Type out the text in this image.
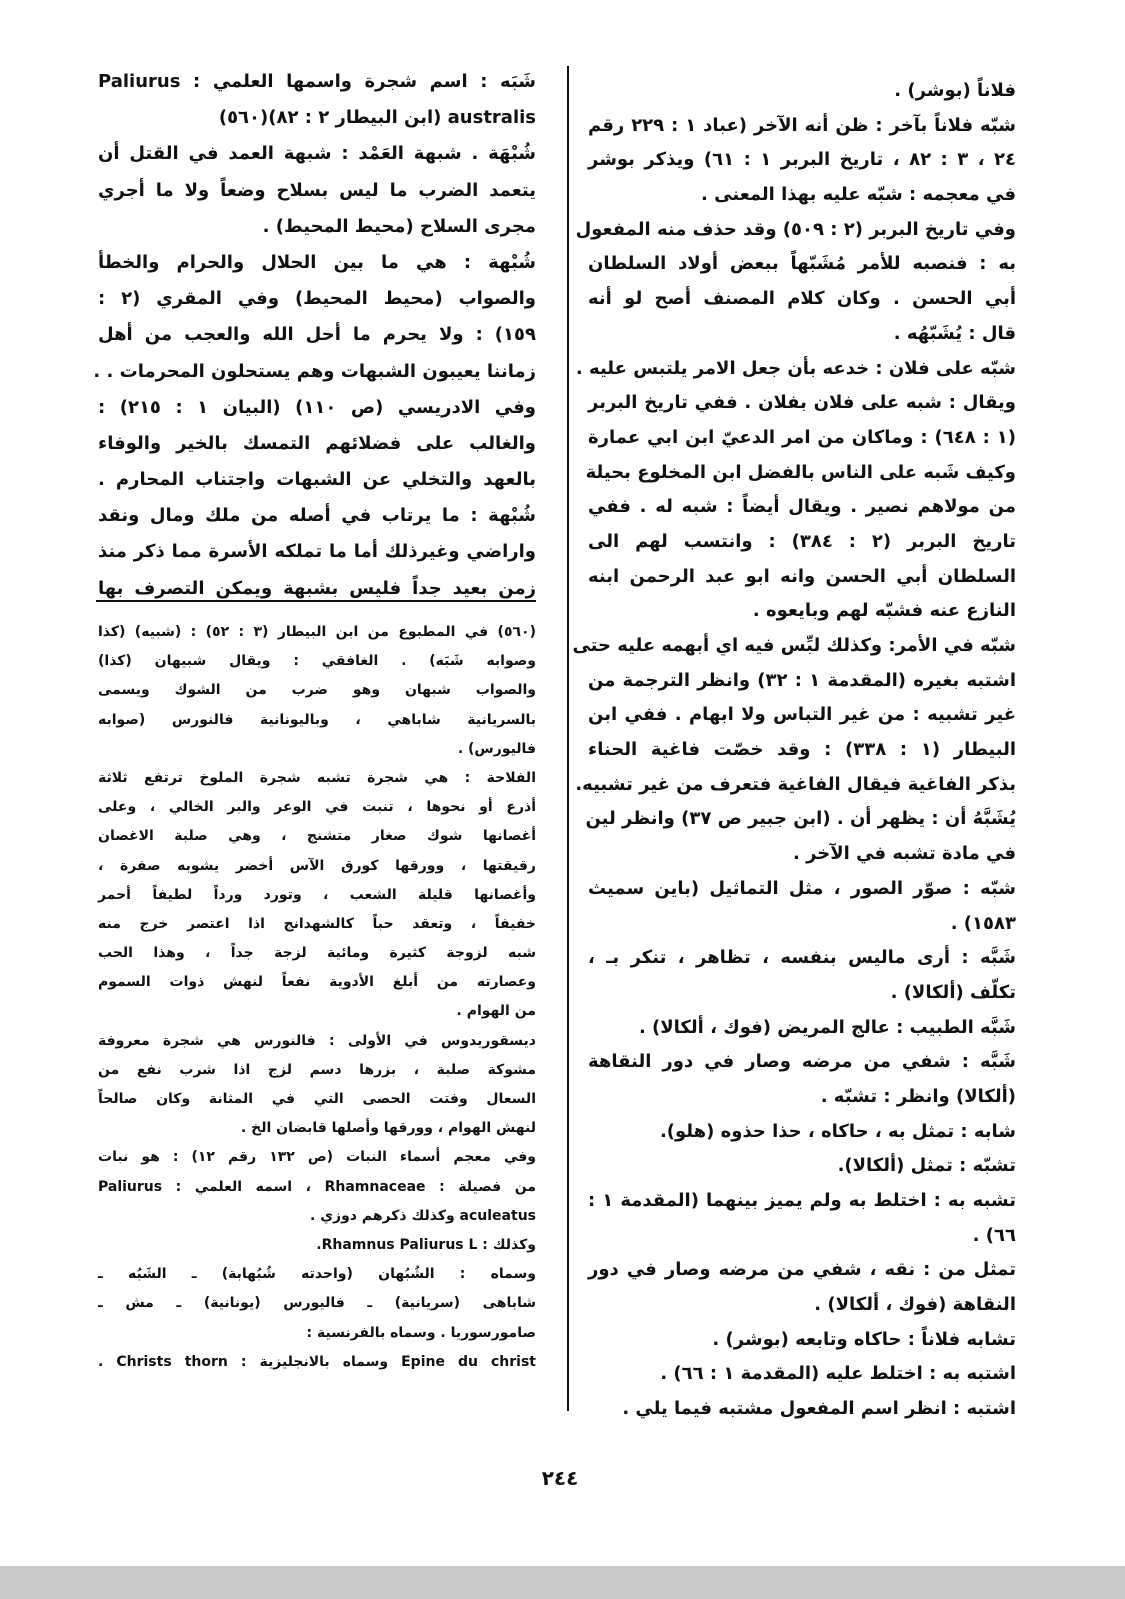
فلاناً (بوشر) .
شبّه فلاناً بآخر : ظن أنه الآخر (عباد ١ : ٢٢٩ رقم
٢٤ ، ٣ : ٨٢ ، تاريخ البربر ١ : ٦١) ويذكر بوشر
في معجمه : شبّه عليه بهذا المعنى .
وفي تاريخ البربر (٢ : ٥٠٩) وقد حذف منه المفعول
به : فنصبه للأمر مُشَبّهاً ببعض أولاد السلطان
أبي الحسن . وكان كلام المصنف أصح لو أنه
قال : يُشَبّهُه .
شبّه على فلان : خدعه بأن جعل الامر يلتبس عليه .
ويقال : شبه على فلان بفلان . ففي تاريخ البربر
(١ : ٦٤٨) : وماكان من امر الدعيّ ابن ابي عمارة
وكيف شَبه على الناس بالفضل ابن المخلوع بحيلة
من مولاهم نصير . ويقال أيضاً : شبه له . ففي
تاريخ البربر (٢ : ٣٨٤) : وانتسب لهم الى
السلطان أبي الحسن وانه ابو عبد الرحمن ابنه
النازع عنه فشبّه لهم وبايعوه .
شبّه في الأمر: وكذلك لبِّس فيه اي أبهمه عليه حتى
اشتبه بغيره (المقدمة ١ : ٣٢) وانظر الترجمة من
غير تشبيه : من غير التباس ولا ابهام . ففي ابن
البيطار (١ : ٣٣٨) : وقد خصّت فاغية الحناء
بذكر الفاغية فيقال الفاغية فتعرف من غير تشبيه.
يُشَبَّهُ أن : يظهر أن . (ابن جبير ص ٣٧) وانظر لين
في مادة تشبه في الآخر .
شبّه : صوّر الصور ، مثل التماثيل (باين سميث
١٥٨٣) .
شَبَّه : أرى ماليس بنفسه ، تظاهر ، تنكر بـ ،
تكلّف (ألكالا) .
شَبَّه الطبيب : عالج المريض (فوك ، ألكالا) .
شَبَّه : شفي من مرضه وصار في دور النقاهة
(ألكالا) وانظر : تشبّه .
شابه : تمثل به ، حاكاه ، حذا حذوه (هلو).
تشبّه : تمثل (ألكالا).
تشبه به : اختلط به ولم يميز بينهما (المقدمة ١ :
٦٦) .
تمثل من : نقه ، شفي من مرضه وصار في دور
النقاهة (فوك ، ألكالا) .
تشابه فلاناً : حاكاه وتابعه (بوشر) .
اشتبه به : اختلط عليه (المقدمة ١ : ٦٦) .
اشتبه : انظر اسم المفعول مشتبه فيما يلي .
شَبَه : اسم شجرة واسمها العلمي : Paliurus
australis (ابن البيطار ٢ : ٨٢)(٥٦٠)
شُبْهَة . شبهة العَمْد : شبهة العمد في القتل أن
يتعمد الضرب ما ليس بسلاح وضعاً ولا ما أجري
مجرى السلاح (محيط المحيط) .
شُبْهة : هي ما بين الحلال والحرام والخطأ
والصواب (محيط المحيط) وفي المقري (٢ :
١٥٩) : ولا يحرم ما أحل الله والعجب من أهل
زماننا يعيبون الشبهات وهم يستحلون المحرمات . .
وفي الادريسي (ص ١١٠) (البيان ١ : ٢١٥) :
والغالب على فضلائهم التمسك بالخير والوفاء
بالعهد والتخلي عن الشبهات واجتناب المحارم .
شُبْهة : ما يرتاب في أصله من ملك ومال ونقد
واراضي وغيرذلك أما ما تملكه الأسرة مما ذكر منذ
زمن بعيد جداً فليس بشبهة ويمكن التصرف بها
(٥٦٠) في المطبوع من ابن البيطار (٣ : ٥٢) : (شبيه) (كذا
وصوابه شَبَه) . الغافقي : ويقال شبيهان (كذا)
والصواب شبهان وهو ضرب من الشوك ويسمى
بالسريانية شاباهي ، وباليونانية فالنورس (صوابه
فاليورس) .
الفلاحة : هي شجرة تشبه شجرة الملوخ ترتفع ثلاثة
أذرع أو نحوها ، تنبت في الوعر والبر الخالي ، وعلى
أغصانها شوك صغار متشنج ، وهي صلبة الاغصان
رقيقتها ، وورقها كورق الآس أخضر يشوبه صفرة ،
وأغصانها قليلة الشعب ، وتورد ورداً لطيفاً أحمر
خفيفاً ، وتعقد حباً كالشهدانج اذا اعتصر خرج منه
شبه لزوجة كثيرة ومائية لزجة جداً ، وهذا الحب
وعصارته من أبلغ الأدوية نفعاً لنهش ذوات السموم
من الهوام .
ديسقوريدوس في الأولى : فالنورس هي شجرة معروفة
مشوكة صلبة ، بزرها دسم لزج اذا شرب نفع من
السعال وفتت الحصى التي في المثانة وكان صالحاً
لنهش الهوام ، وورقها وأصلها قابضان الخ .
وفي معجم أسماء النبات (ص ١٣٢ رقم ١٢) : هو نبات
من فصيلة : Rhamnaceae ، اسمه العلمي : Paliurus
aculeatus وكذلك ذكرهم دوزي .
وكذلك : Rhamnus Paliurus L.
وسماه : الشُبُهان (واحدته شُبُهابة) ـ الشَبُه ـ
شاباهى (سريانية) ـ فاليورس (يونانية) ـ مش ـ
صامورسوريا . وسماه بالفرنسية :
Epine du christ وسماه بالانجليزية : Christs thorn .
٢٤٤
